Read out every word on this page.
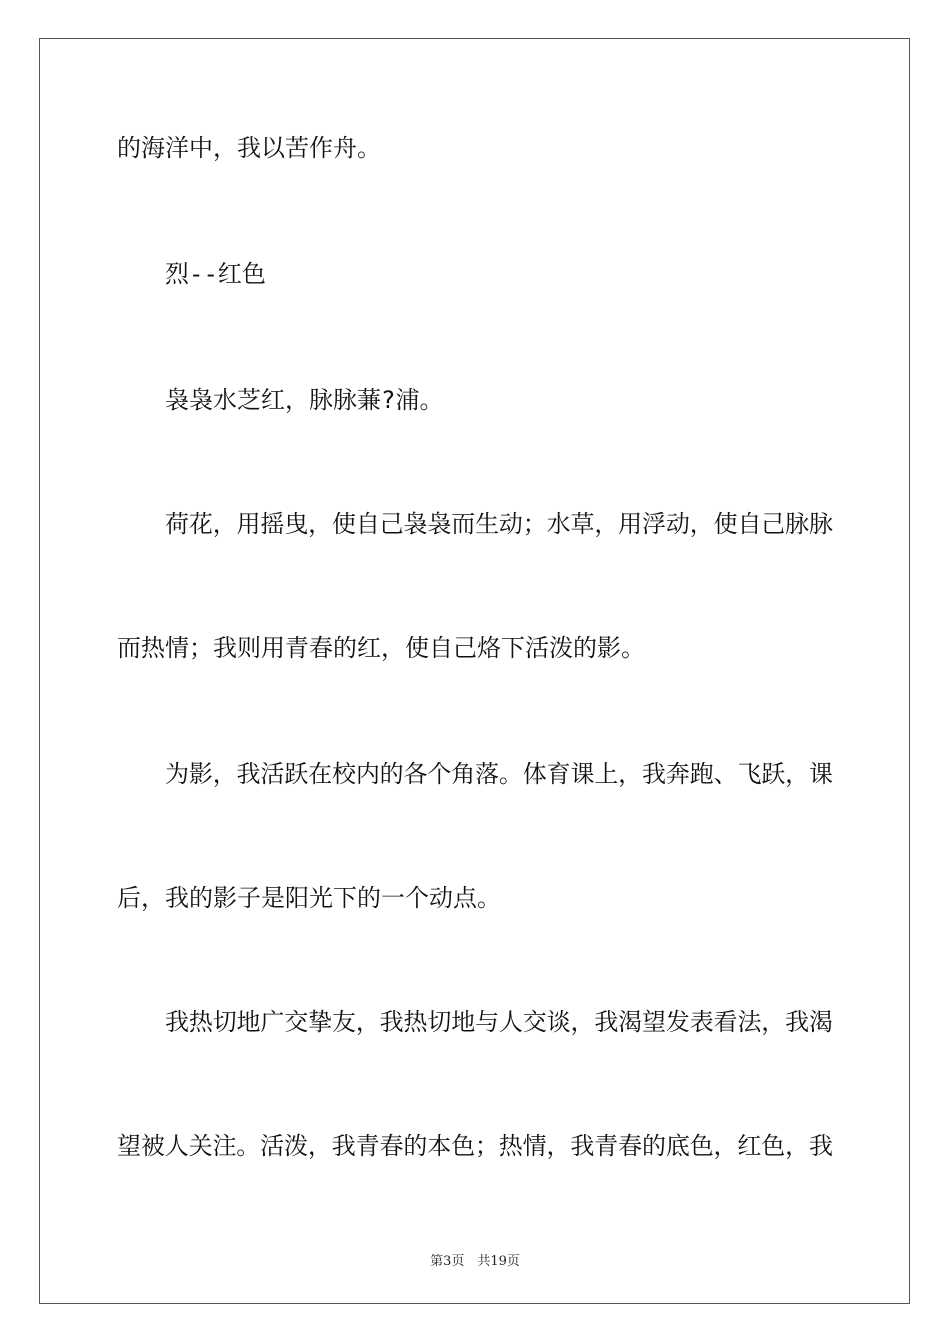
的海洋中，我以苦作舟。

烈--红色

袅袅水芝红，脉脉蒹?浦。

荷花，用摇曳，使自己袅袅而生动；水草，用浮动，使自己脉脉

而热情；我则用青春的红，使自己烙下活泼的影。

为影，我活跃在校内的各个角落。体育课上，我奔跑、飞跃，课

后，我的影子是阳光下的一个动点。

我热切地广交挚友，我热切地与人交谈，我渴望发表看法，我渴

望被人关注。活泼，我青春的本色；热情，我青春的底色，红色，我

第3页　共19页
